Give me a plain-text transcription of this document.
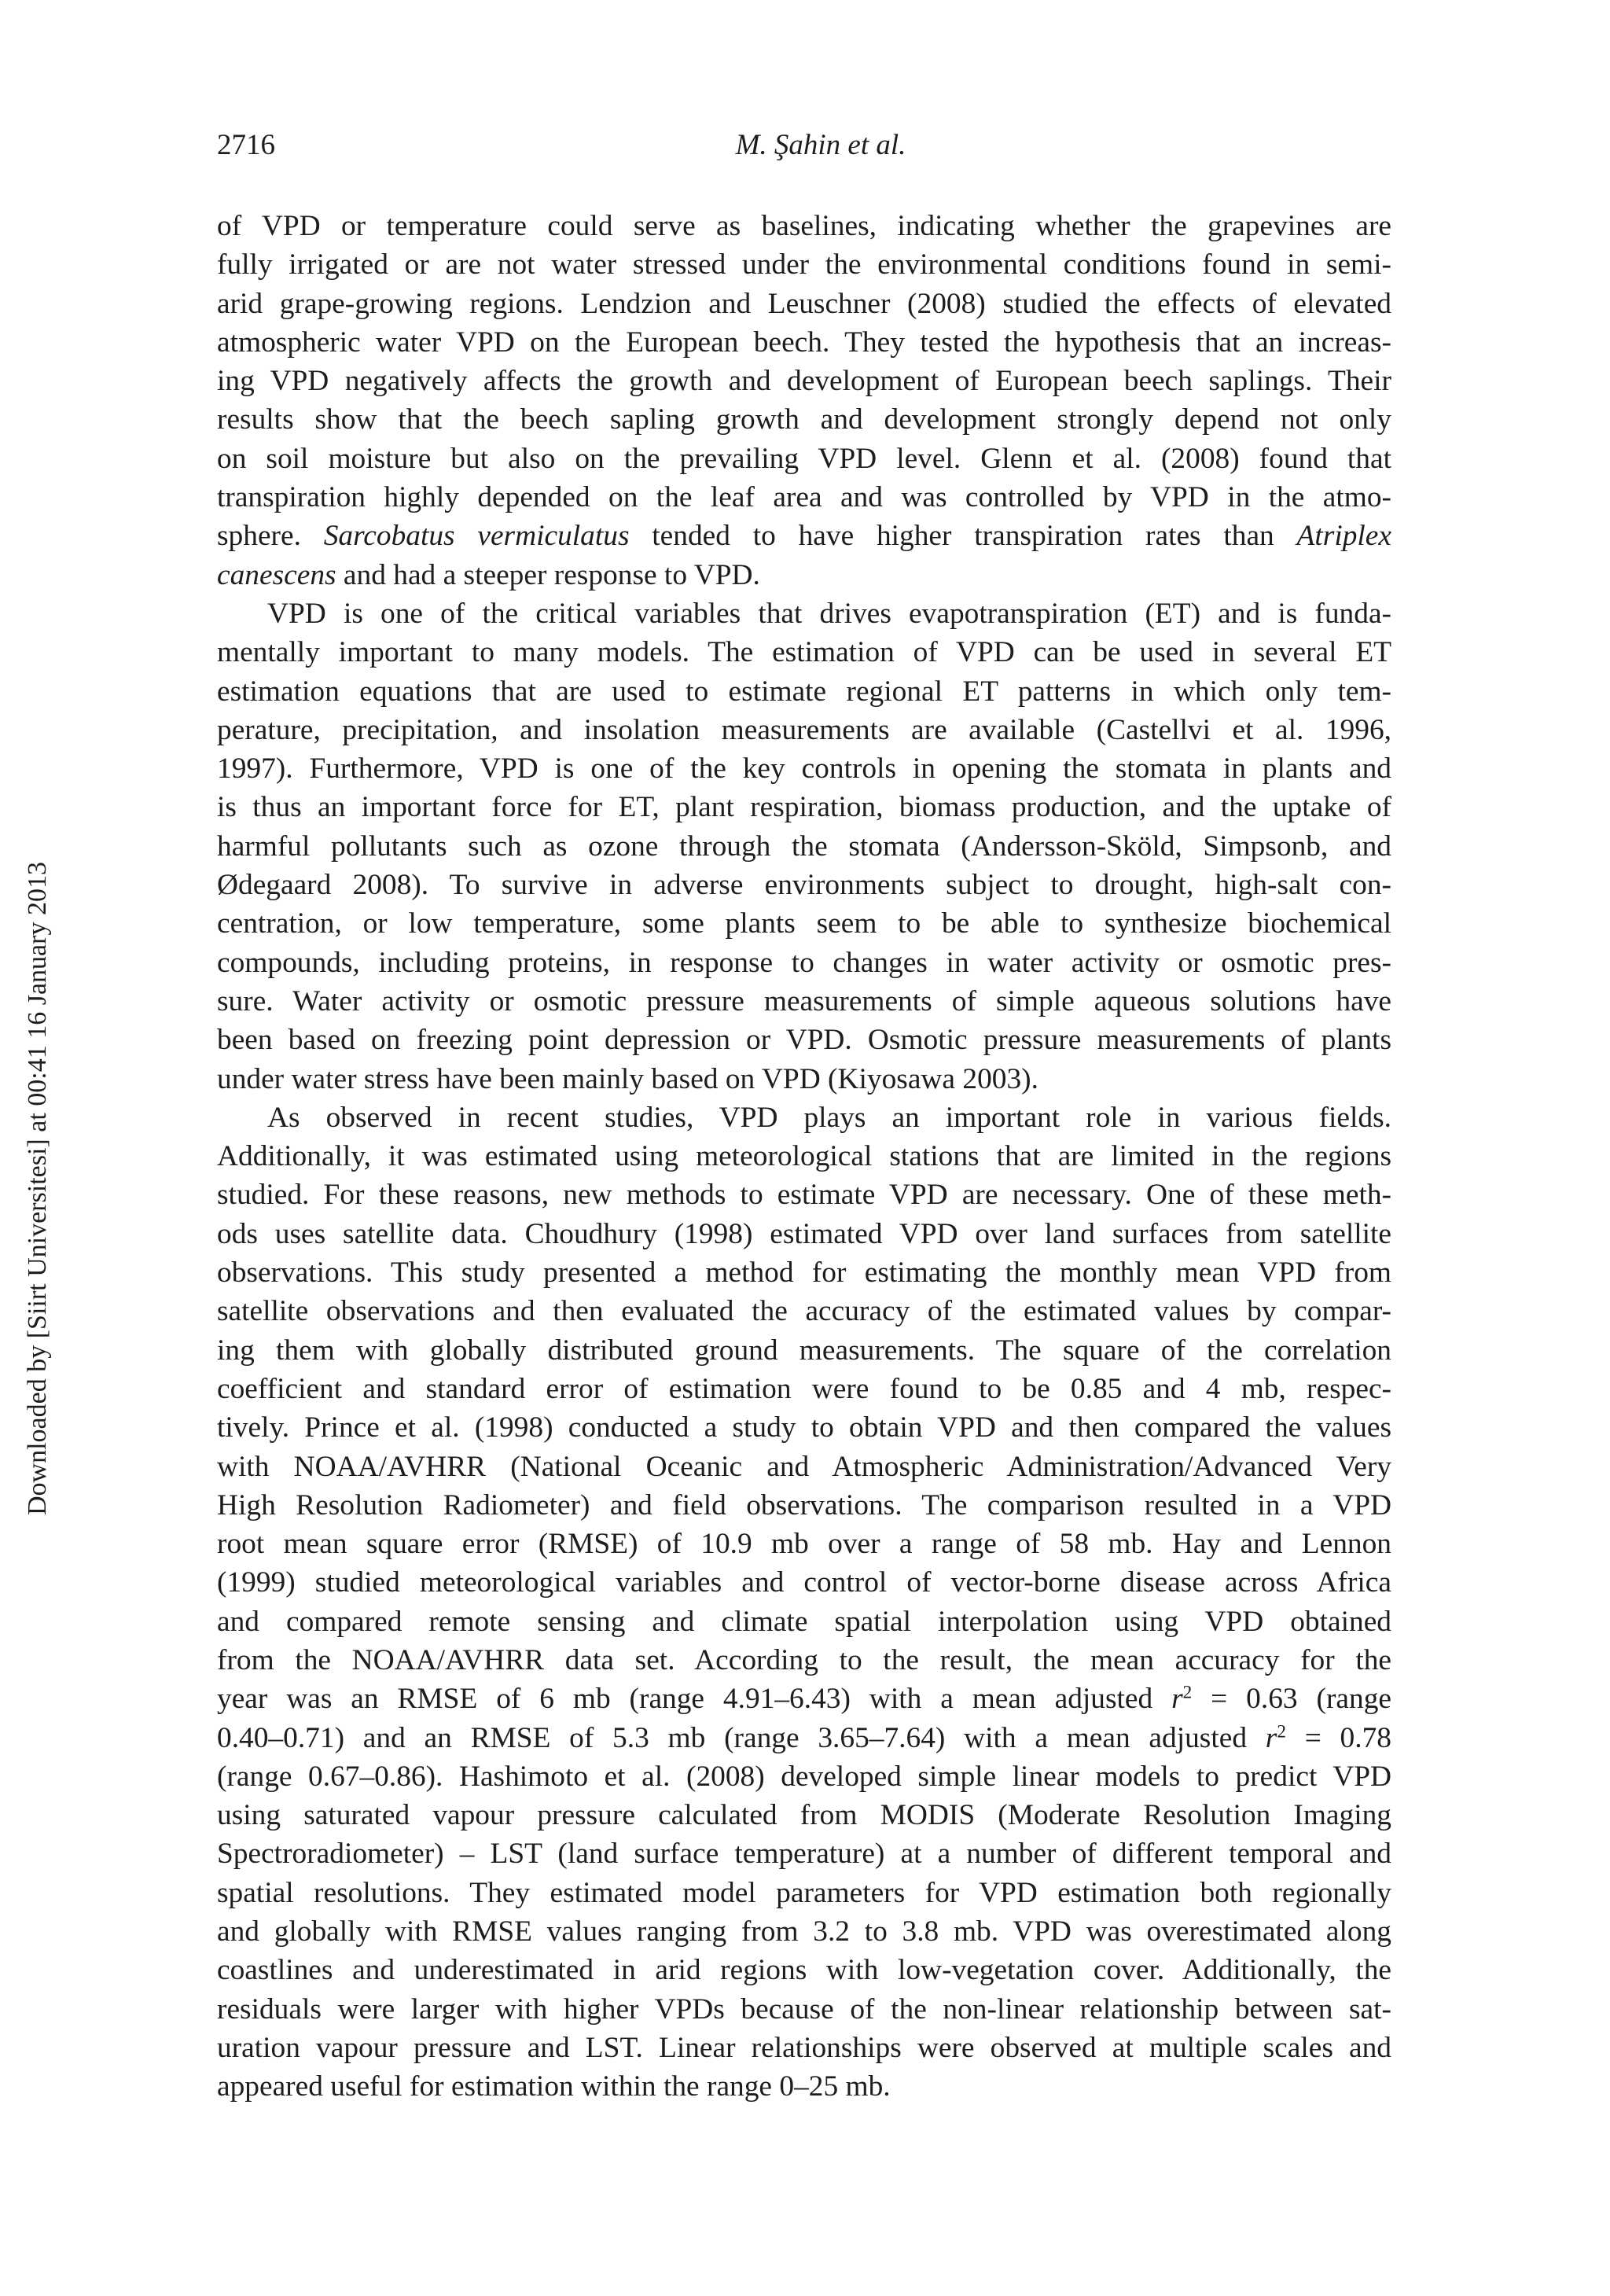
2716	M. Şahin et al.
Downloaded by [Siirt Universitesi] at 00:41 16 January 2013

of VPD or temperature could serve as baselines, indicating whether the grapevines are
fully irrigated or are not water stressed under the environmental conditions found in semi-
arid grape-growing regions. Lendzion and Leuschner (2008) studied the effects of elevated
atmospheric water VPD on the European beech. They tested the hypothesis that an increas-
ing VPD negatively affects the growth and development of European beech saplings. Their
results show that the beech sapling growth and development strongly depend not only
on soil moisture but also on the prevailing VPD level. Glenn et al. (2008) found that
transpiration highly depended on the leaf area and was controlled by VPD in the atmo-
sphere. Sarcobatus vermiculatus tended to have higher transpiration rates than Atriplex
canescens and had a steeper response to VPD.

VPD is one of the critical variables that drives evapotranspiration (ET) and is funda-
mentally important to many models. The estimation of VPD can be used in several ET
estimation equations that are used to estimate regional ET patterns in which only tem-
perature, precipitation, and insolation measurements are available (Castellvi et al. 1996,
1997). Furthermore, VPD is one of the key controls in opening the stomata in plants and
is thus an important force for ET, plant respiration, biomass production, and the uptake of
harmful pollutants such as ozone through the stomata (Andersson-Sköld, Simpsonb, and
Ødegaard 2008). To survive in adverse environments subject to drought, high-salt con-
centration, or low temperature, some plants seem to be able to synthesize biochemical
compounds, including proteins, in response to changes in water activity or osmotic pres-
sure. Water activity or osmotic pressure measurements of simple aqueous solutions have
been based on freezing point depression or VPD. Osmotic pressure measurements of plants
under water stress have been mainly based on VPD (Kiyosawa 2003).

As observed in recent studies, VPD plays an important role in various fields.
Additionally, it was estimated using meteorological stations that are limited in the regions
studied. For these reasons, new methods to estimate VPD are necessary. One of these meth-
ods uses satellite data. Choudhury (1998) estimated VPD over land surfaces from satellite
observations. This study presented a method for estimating the monthly mean VPD from
satellite observations and then evaluated the accuracy of the estimated values by compar-
ing them with globally distributed ground measurements. The square of the correlation
coefficient and standard error of estimation were found to be 0.85 and 4 mb, respec-
tively. Prince et al. (1998) conducted a study to obtain VPD and then compared the values
with NOAA/AVHRR (National Oceanic and Atmospheric Administration/Advanced Very
High Resolution Radiometer) and field observations. The comparison resulted in a VPD
root mean square error (RMSE) of 10.9 mb over a range of 58 mb. Hay and Lennon
(1999) studied meteorological variables and control of vector-borne disease across Africa
and compared remote sensing and climate spatial interpolation using VPD obtained
from the NOAA/AVHRR data set. According to the result, the mean accuracy for the
year was an RMSE of 6 mb (range 4.91–6.43) with a mean adjusted $r^2 = 0.63$ (range
0.40–0.71) and an RMSE of 5.3 mb (range 3.65–7.64) with a mean adjusted $r^2 = 0.78$
(range 0.67–0.86). Hashimoto et al. (2008) developed simple linear models to predict VPD
using saturated vapour pressure calculated from MODIS (Moderate Resolution Imaging
Spectroradiometer) – LST (land surface temperature) at a number of different temporal and
spatial resolutions. They estimated model parameters for VPD estimation both regionally
and globally with RMSE values ranging from 3.2 to 3.8 mb. VPD was overestimated along
coastlines and underestimated in arid regions with low-vegetation cover. Additionally, the
residuals were larger with higher VPDs because of the non-linear relationship between sat-
uration vapour pressure and LST. Linear relationships were observed at multiple scales and
appeared useful for estimation within the range 0–25 mb.
